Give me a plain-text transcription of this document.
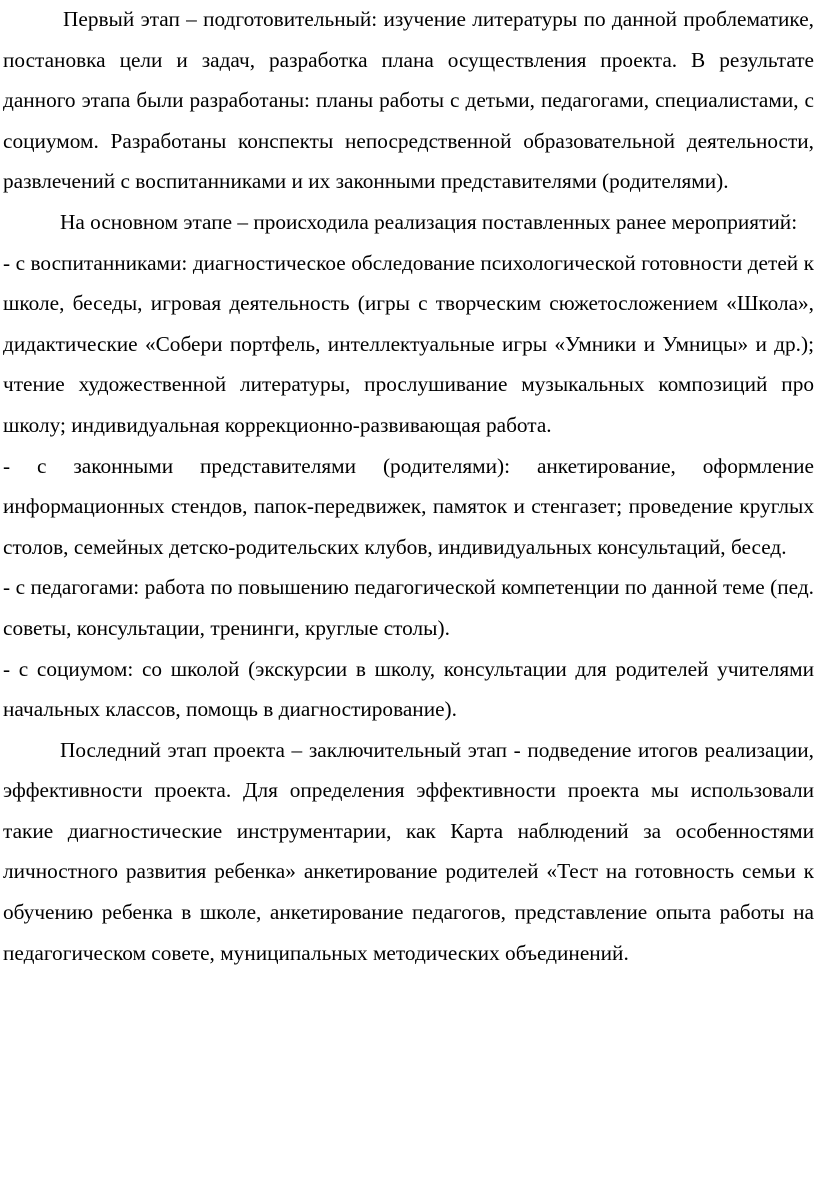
Первый этап – подготовительный: изучение литературы по данной проблематике, постановка цели и задач, разработка плана осуществления проекта. В результате данного этапа были разработаны: планы работы с детьми, педагогами, специалистами, с социумом. Разработаны конспекты непосредственной образовательной деятельности, развлечений с воспитанниками и их законными представителями (родителями).

На основном этапе – происходила реализация поставленных ранее мероприятий:

- с воспитанниками: диагностическое обследование психологической готовности детей к школе, беседы, игровая деятельность (игры с творческим сюжетосложением «Школа», дидактические «Собери портфель, интеллектуальные игры «Умники и Умницы» и др.); чтение художественной литературы, прослушивание музыкальных композиций про школу; индивидуальная коррекционно-развивающая работа.

- с законными представителями (родителями): анкетирование, оформление информационных стендов, папок-передвижек, памяток и стенгазет; проведение круглых столов, семейных детско-родительских клубов, индивидуальных консультаций, бесед.

- с педагогами: работа по повышению педагогической компетенции по данной теме (пед. советы, консультации, тренинги, круглые столы).

- с социумом: со школой (экскурсии в школу, консультации для родителей учителями начальных классов, помощь в диагностирование).

Последний этап проекта – заключительный этап - подведение итогов реализации, эффективности проекта. Для определения эффективности проекта мы использовали такие диагностические инструментарии, как Карта наблюдений за особенностями личностного развития ребенка» анкетирование родителей «Тест на готовность семьи к обучению ребенка в школе, анкетирование педагогов, представление опыта работы на педагогическом совете, муниципальных методических объединений.
